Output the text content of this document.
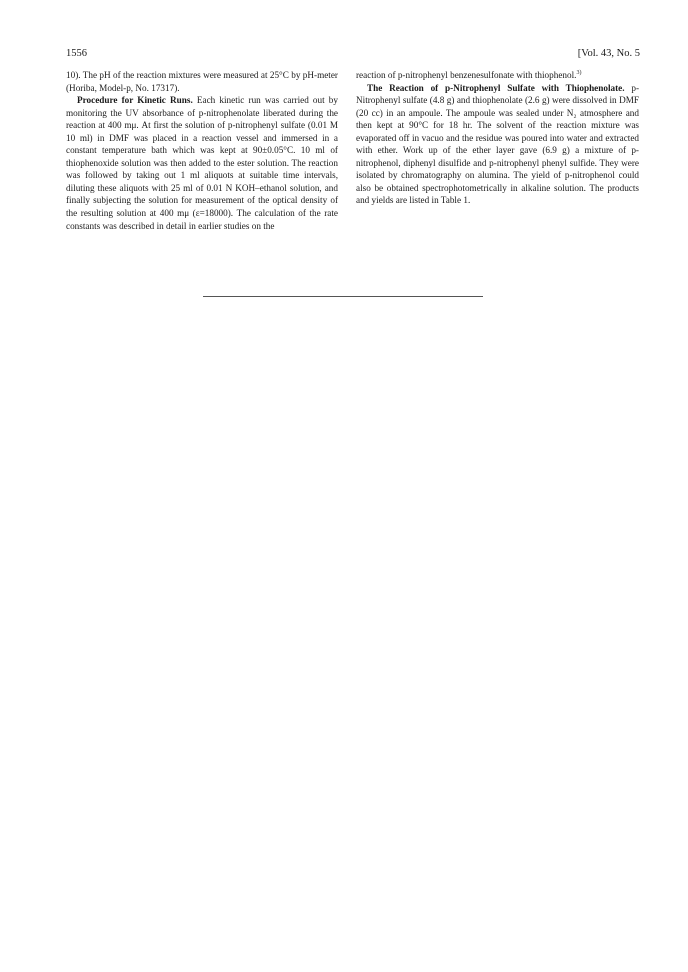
1556	[Vol. 43, No. 5

10). The pH of the reaction mixtures were measured at 25°C by pH-meter (Horiba, Model-p, No. 17317).

Procedure for Kinetic Runs. Each kinetic run was carried out by monitoring the UV absorbance of p-nitrophenolate liberated during the reaction at 400 mμ. At first the solution of p-nitrophenyl sulfate (0.01 M 10 ml) in DMF was placed in a reaction vessel and immersed in a constant temperature bath which was kept at 90±0.05°C. 10 ml of thiophenoxide solution was then added to the ester solution. The reaction was followed by taking out 1 ml aliquots at suitable time intervals, diluting these aliquots with 25 ml of 0.01 N KOH–ethanol solution, and finally subjecting the solution for measurement of the optical density of the resulting solution at 400 mμ (ε=18000). The calculation of the rate constants was described in detail in earlier studies on the

reaction of p-nitrophenyl benzenesulfonate with thiophenol.$^{3)}$

The Reaction of p-Nitrophenyl Sulfate with Thiophenolate. p-Nitrophenyl sulfate (4.8 g) and thiophenolate (2.6 g) were dissolved in DMF (20 cc) in an ampoule. The ampoule was sealed under N₂ atmosphere and then kept at 90°C for 18 hr. The solvent of the reaction mixture was evaporated off in vacuo and the residue was poured into water and extracted with ether. Work up of the ether layer gave (6.9 g) a mixture of p-nitrophenol, diphenyl disulfide and p-nitrophenyl phenyl sulfide. They were isolated by chromatography on alumina. The yield of p-nitrophenol could also be obtained spectrophotometrically in alkaline solution. The products and yields are listed in Table 1.
